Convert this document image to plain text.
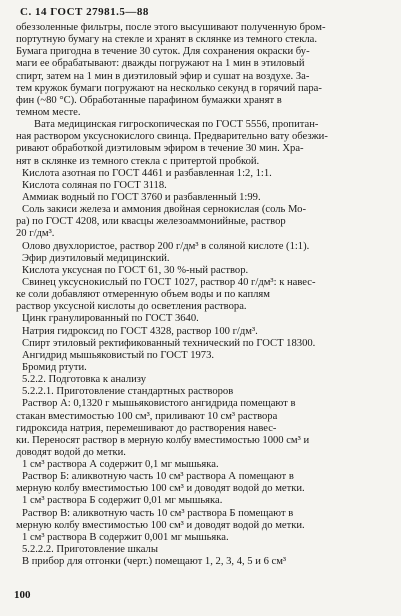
С. 14 ГОСТ 27981.5—88
обеззоленные фильтры, после этого высушивают полученную бром-
портутную бумагу на стекле и хранят в склянке из темного стекла.
Бумага пригодна в течение 30 суток. Для сохранения окраски бу-
маги ее обрабатывают: дважды погружают на 1 мин в этиловый
спирт, затем на 1 мин в диэтиловый эфир и сушат на воздухе. За-
тем кружок бумаги погружают на несколько секунд в горячий пара-
фин (~80 °С). Обработанные парафином бумажки хранят в
темном месте.
Вата медицинская гигроскопическая по ГОСТ 5556, пропитан-
ная раствором уксуснокислого свинца. Предварительно вату обезжи-
ривают обработкой диэтиловым эфиром в течение 30 мин. Хра-
нят в склянке из темного стекла с притертой пробкой.
Кислота азотная по ГОСТ 4461 и разбавленная 1:2, 1:1.
Кислота соляная по ГОСТ 3118.
Аммиак водный по ГОСТ 3760 и разбавленный 1:99.
Соль закиси железа и аммония двойная сернокислая (соль Мо-
ра) по ГОСТ 4208, или квасцы железоаммонийные, раствор
20 г/дм³.
Олово двухлористое, раствор 200 г/дм³ в соляной кислоте (1:1).
Эфир диэтиловый медицинский.
Кислота уксусная по ГОСТ 61, 30 %-ный раствор.
Свинец уксуснокислый по ГОСТ 1027, раствор 40 г/дм³: к навес-
ке соли добавляют отмеренную объем воды и по каплям
раствор уксусной кислоты до осветления раствора.
Цинк гранулированный по ГОСТ 3640.
Натрия гидроксид по ГОСТ 4328, раствор 100 г/дм³.
Спирт этиловый ректификованный технический по ГОСТ 18300.
Ангидрид мышьяковистый по ГОСТ 1973.
Бромид ртути.
5.2.2. Подготовка к анализу
5.2.2.1. Приготовление стандартных растворов
Раствор А: 0,1320 г мышьяковистого ангидрида помещают в
стакан вместимостью 100 см³, приливают 10 см³ раствора
гидроксида натрия, перемешивают до растворения навес-
ки. Переносят раствор в мерную колбу вместимостью 1000 см³ и
доводят водой до метки.
1 см³ раствора А содержит 0,1 мг мышьяка.
Раствор Б: аликвотную часть 10 см³ раствора А помещают в
мерную колбу вместимостью 100 см³ и доводят водой до метки.
1 см³ раствора Б содержит 0,01 мг мышьяка.
Раствор В: аликвотную часть 10 см³ раствора Б помещают в
мерную колбу вместимостью 100 см³ и доводят водой до метки.
1 см³ раствора В содержит 0,001 мг мышьяка.
5.2.2.2. Приготовление шкалы
В прибор для отгонки (черт.) помещают 1, 2, 3, 4, 5 и 6 см³
100
